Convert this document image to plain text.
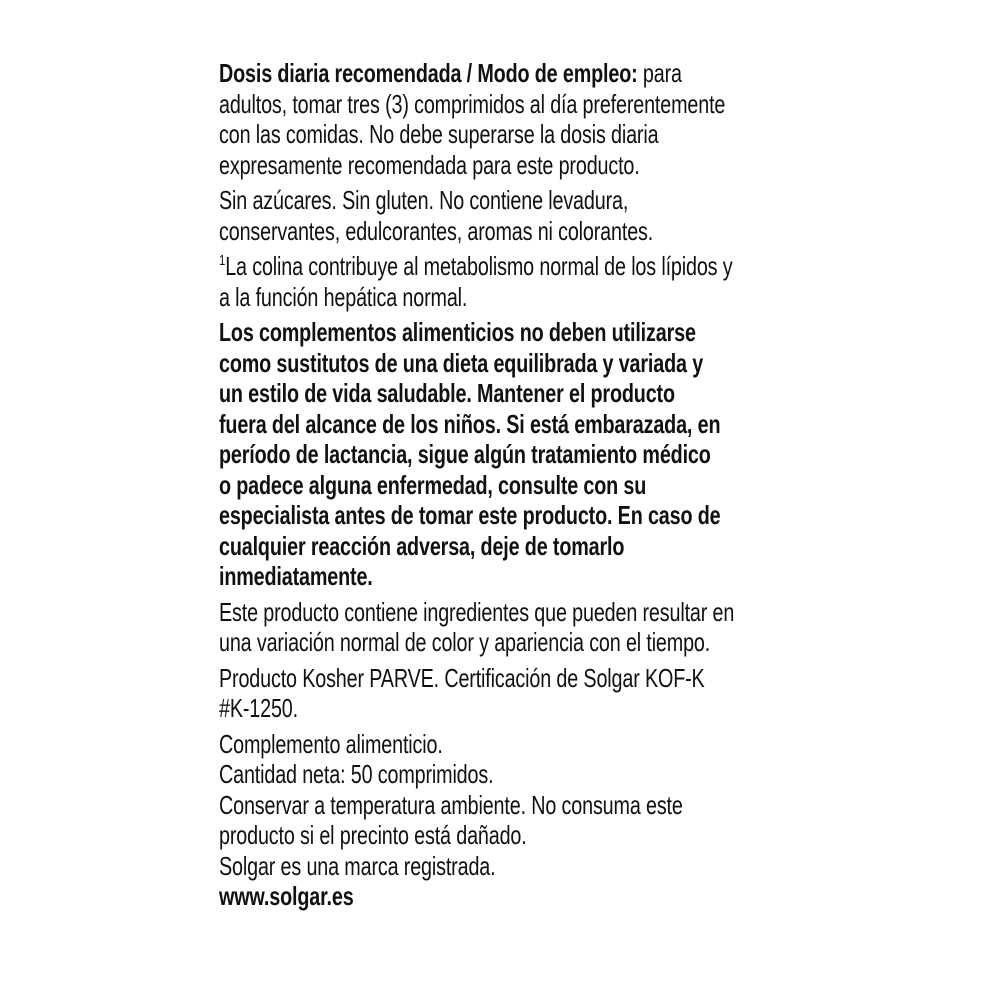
Dosis diaria recomendada / Modo de empleo: para
adultos, tomar tres (3) comprimidos al día preferentemente
con las comidas. No debe superarse la dosis diaria
expresamente recomendada para este producto.

Sin azúcares. Sin gluten. No contiene levadura,
conservantes, edulcorantes, aromas ni colorantes.

$^1$La colina contribuye al metabolismo normal de los lípidos y
a la función hepática normal.

Los complementos alimenticios no deben utilizarse
como sustitutos de una dieta equilibrada y variada y
un estilo de vida saludable. Mantener el producto
fuera del alcance de los niños. Si está embarazada, en
período de lactancia, sigue algún tratamiento médico
o padece alguna enfermedad, consulte con su
especialista antes de tomar este producto. En caso de
cualquier reacción adversa, deje de tomarlo
inmediatamente.

Este producto contiene ingredientes que pueden resultar en
una variación normal de color y apariencia con el tiempo.

Producto Kosher PARVE. Certificación de Solgar KOF-K
#K-1250.

Complemento alimenticio.

Cantidad neta: 50 comprimidos.

Conservar a temperatura ambiente. No consuma este
producto si el precinto está dañado.

Solgar es una marca registrada.

www.solgar.es
